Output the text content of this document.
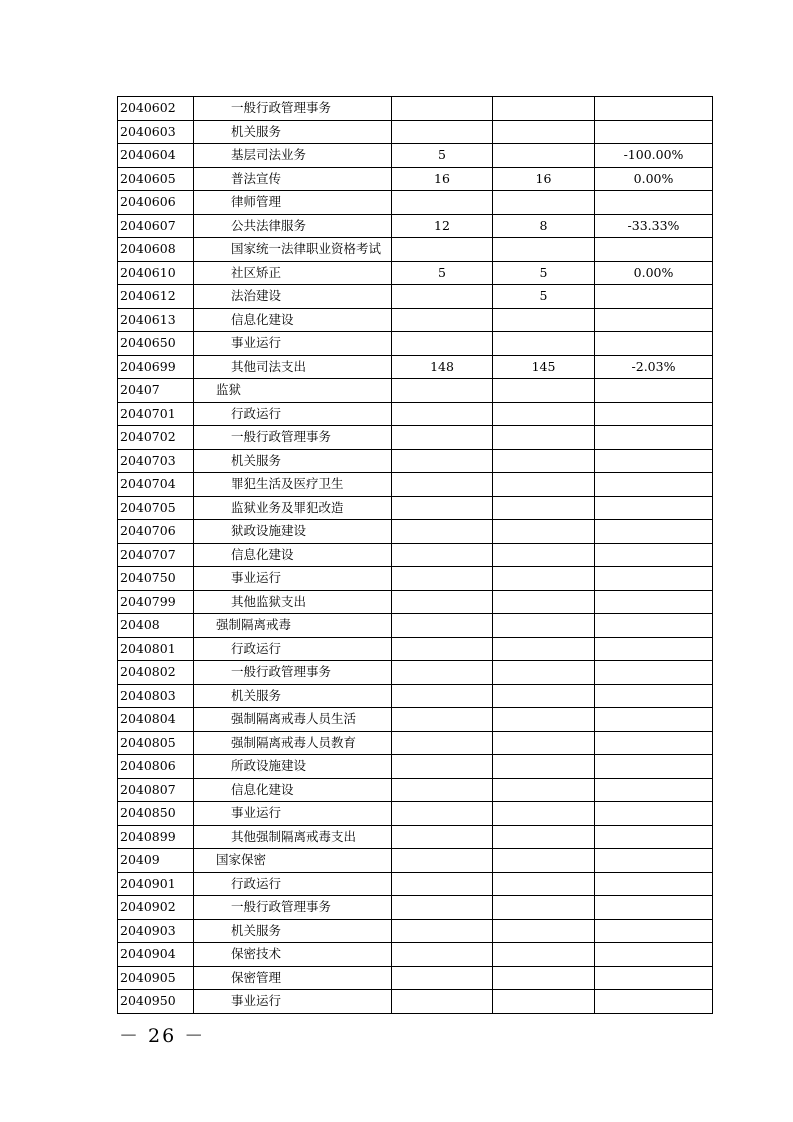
2040602	一般行政管理事务			
2040603	机关服务			
2040604	基层司法业务	5		-100.00%
2040605	普法宣传	16	16	0.00%
2040606	律师管理			
2040607	公共法律服务	12	8	-33.33%
2040608	国家统一法律职业资格考试			
2040610	社区矫正	5	5	0.00%
2040612	法治建设		5	
2040613	信息化建设			
2040650	事业运行			
2040699	其他司法支出	148	145	-2.03%
20407	监狱			
2040701	行政运行			
2040702	一般行政管理事务			
2040703	机关服务			
2040704	罪犯生活及医疗卫生			
2040705	监狱业务及罪犯改造			
2040706	狱政设施建设			
2040707	信息化建设			
2040750	事业运行			
2040799	其他监狱支出			
20408	强制隔离戒毒			
2040801	行政运行			
2040802	一般行政管理事务			
2040803	机关服务			
2040804	强制隔离戒毒人员生活			
2040805	强制隔离戒毒人员教育			
2040806	所政设施建设			
2040807	信息化建设			
2040850	事业运行			
2040899	其他强制隔离戒毒支出			
20409	国家保密			
2040901	行政运行			
2040902	一般行政管理事务			
2040903	机关服务			
2040904	保密技术			
2040905	保密管理			
2040950	事业运行			
－ 26 －
